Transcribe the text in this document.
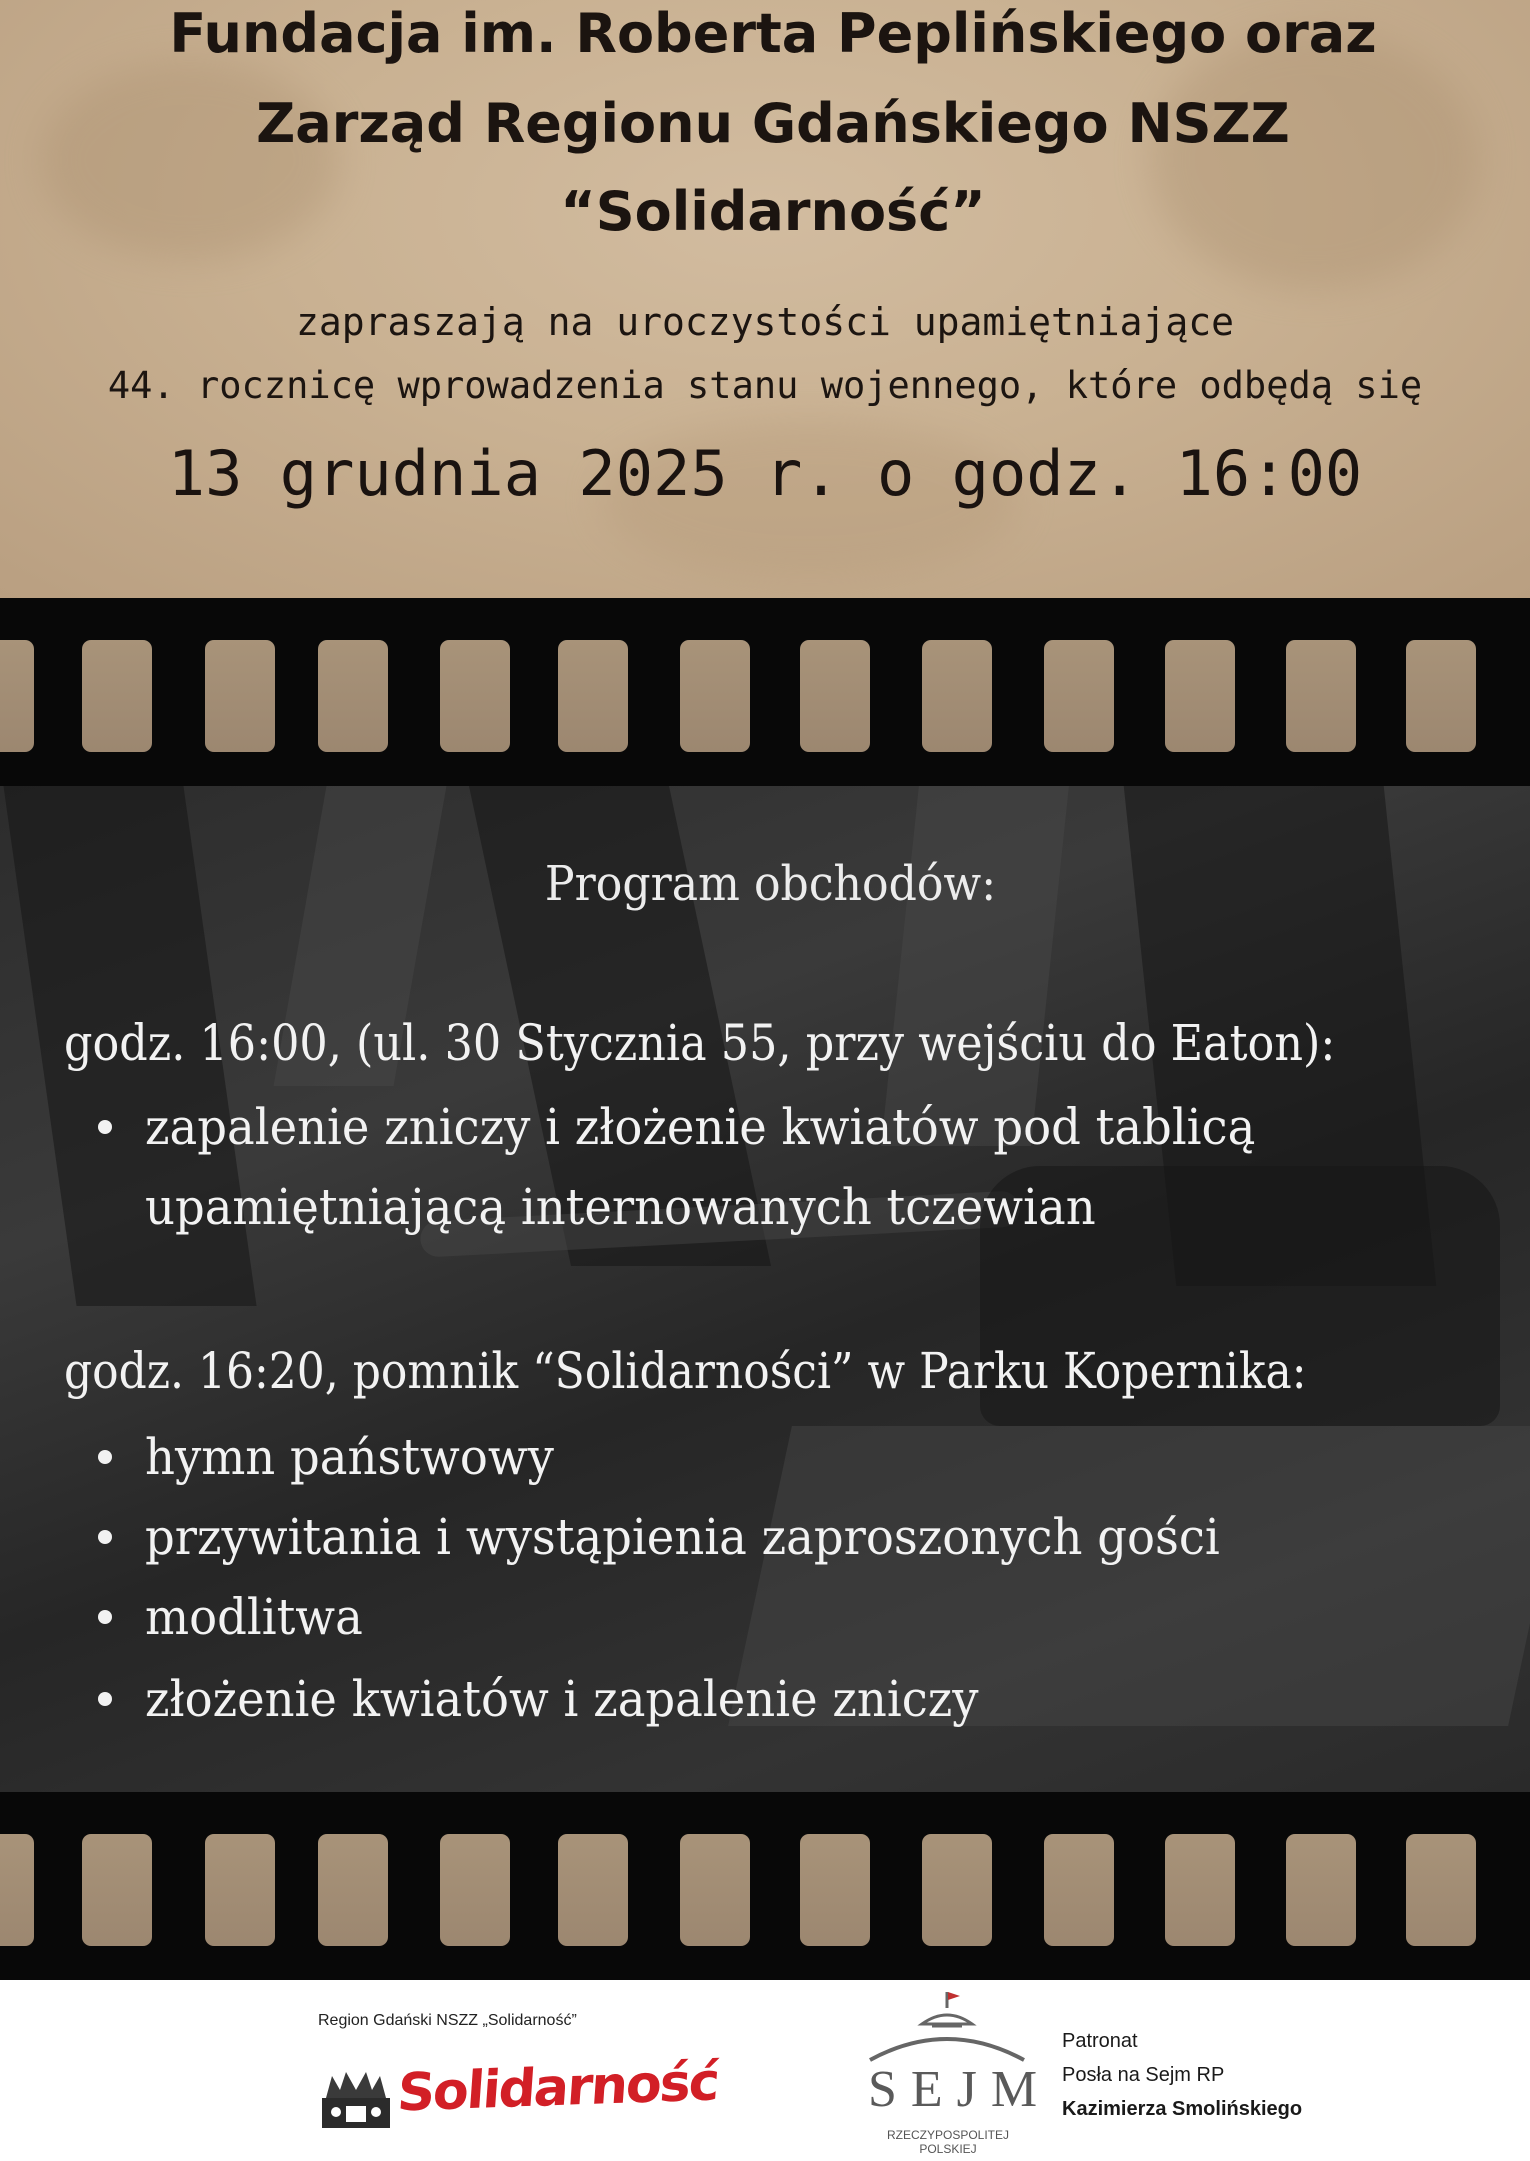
Fundacja im. Roberta Peplińskiego oraz
Zarząd Regionu Gdańskiego NSZZ
“Solidarność”
zapraszają na uroczystości upamiętniające
44. rocznicę wprowadzenia stanu wojennego, które odbędą się
13 grudnia 2025 r. o godz. 16:00
Program obchodów:
godz. 16:00, (ul. 30 Stycznia 55, przy wejściu do Eaton):
zapalenie zniczy i złożenie kwiatów pod tablicą
upamiętniającą internowanych tczewian
godz. 16:20, pomnik “Solidarności” w Parku Kopernika:
hymn państwowy
przywitania i wystąpienia zaproszonych gości
modlitwa
złożenie kwiatów i zapalenie zniczy
Region Gdański NSZZ „Solidarność”
Solidarność	SEJM
RZECZYPOSPOLITEJ POLSKIEJ
Patronat
Posła na Sejm RP
Kazimierza Smolińskiego
